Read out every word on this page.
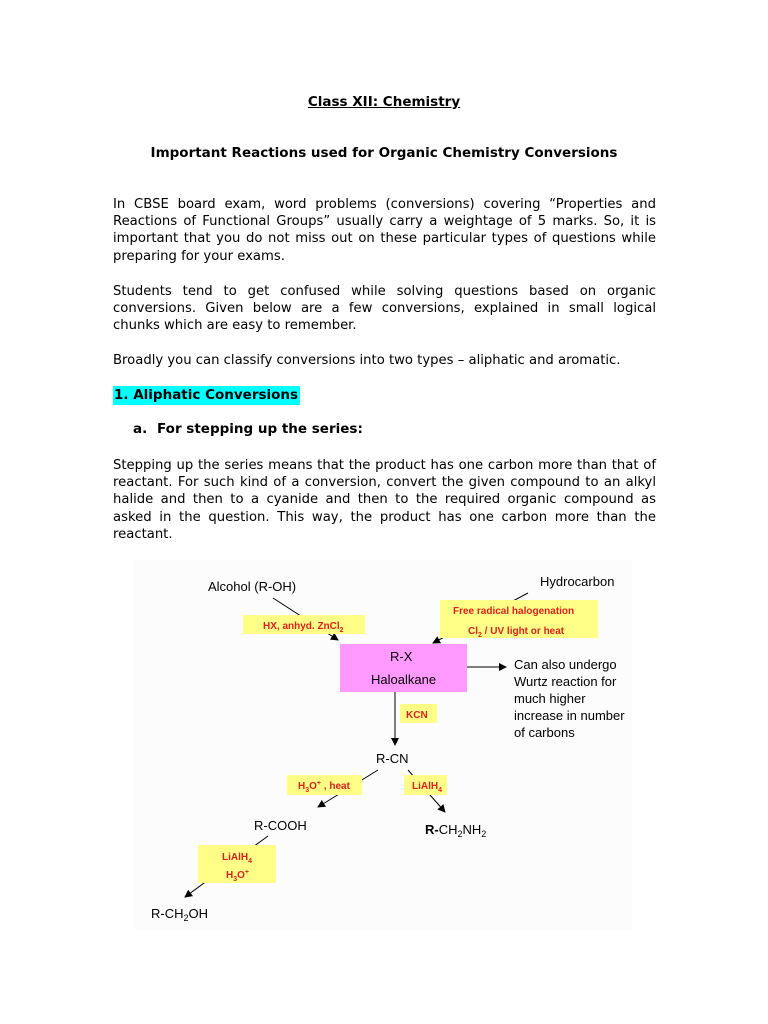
Class XII: Chemistry
Important Reactions used for Organic Chemistry Conversions
In CBSE board exam, word problems (conversions) covering “Properties and Reactions of Functional Groups” usually carry a weightage of 5 marks. So, it is important that you do not miss out on these particular types of questions while preparing for your exams.
Students tend to get confused while solving questions based on organic conversions. Given below are a few conversions, explained in small logical chunks which are easy to remember.
Broadly you can classify conversions into two types – aliphatic and aromatic.
1. Aliphatic Conversions
a. For stepping up the series:
Stepping up the series means that the product has one carbon more than that of reactant. For such kind of a conversion, convert the given compound to an alkyl halide and then to a cyanide and then to the required organic compound as asked in the question. This way, the product has one carbon more than the reactant.
Alcohol (R-OH)	Hydrocarbon
HX, anhyd. ZnCl$_2$
Free radical halogenation
$Cl_2$ / UV light or heat
R-X
Haloalkane
Can also undergo
Wurtz reaction for
much higher
increase in number
of carbons
KCN
R-CN
$H_3O^+$ , heat	LiAlH$_4$
R-COOH	$R-CH_2NH_2$
LiAlH$_4$
$H_3O^+$
$R-CH_2OH$
